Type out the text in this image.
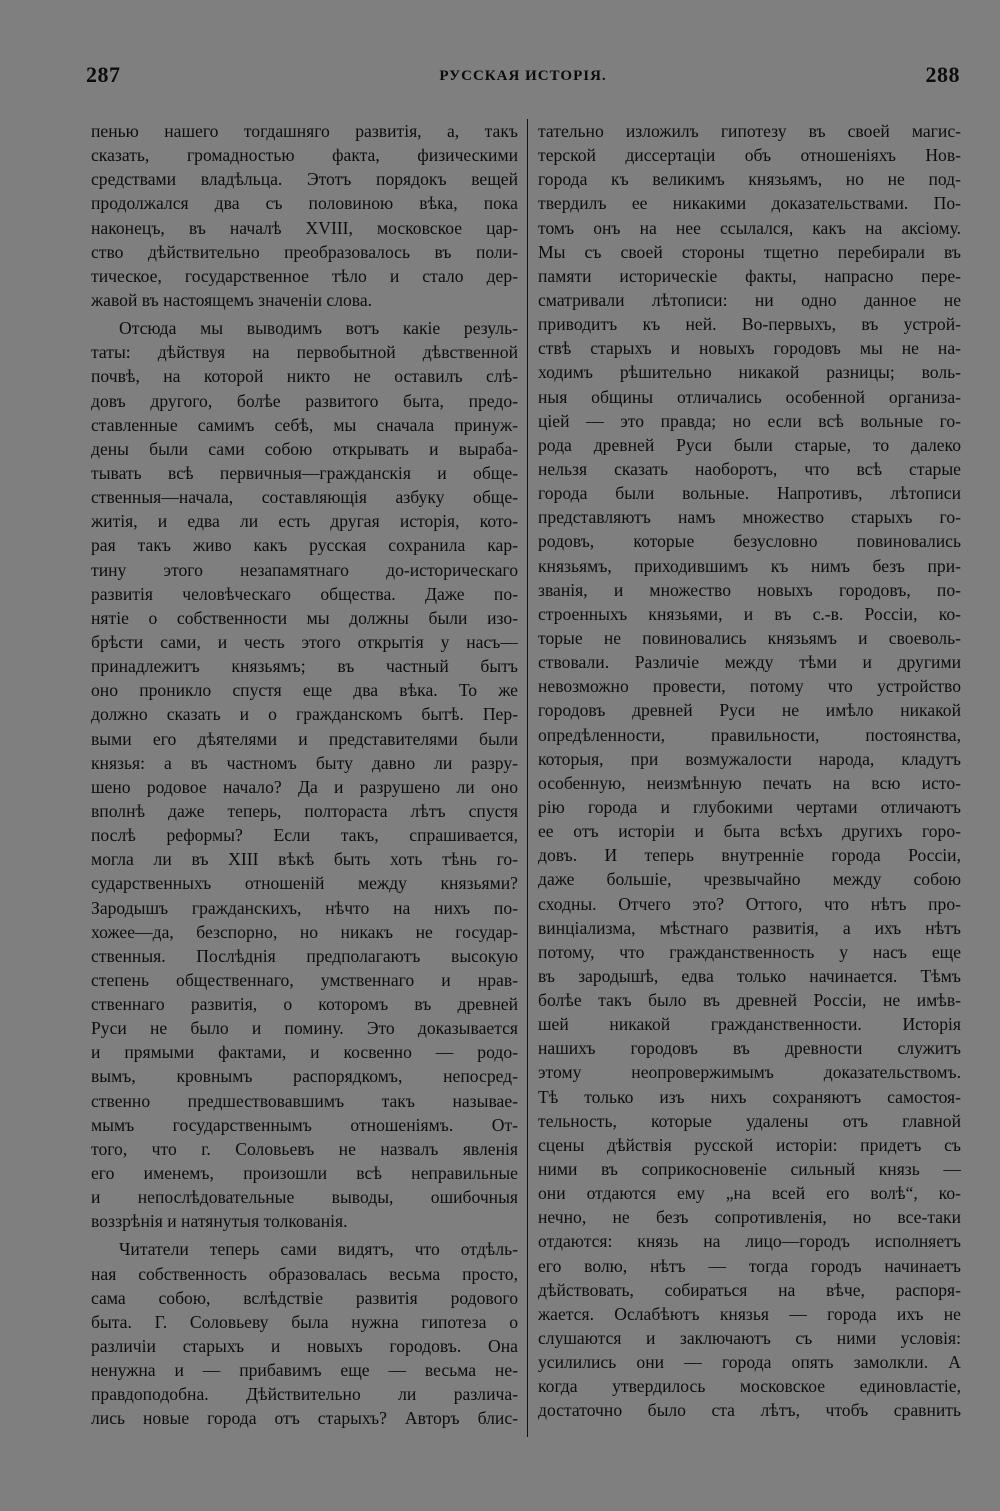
287	РУССКАЯ ИСТОРІЯ.	288
пенью нашего тогдашняго развитія, а, такъ
сказать, громадностью факта, физическими
средствами владѣльца. Этотъ порядокъ вещей
продолжался два съ половиною вѣка, пока
наконецъ, въ началѣ XVIII, московское цар-
ство дѣйствительно преобразовалось въ поли-
тическое, государственное тѣло и стало дер-
жавой въ настоящемъ значеніи слова.
Отсюда мы выводимъ вотъ какіе резуль-
таты: дѣйствуя на первобытной дѣвственной
почвѣ, на которой никто не оставилъ слѣ-
довъ другого, болѣе развитого быта, предо-
ставленные самимъ себѣ, мы сначала принуж-
дены были сами собою открывать и выраба-
тывать всѣ первичныя—гражданскія и обще-
ственныя—начала, составляющія азбуку обще-
житія, и едва ли есть другая исторія, кото-
рая такъ живо какъ русская сохранила кар-
тину этого незапамятнаго до-историческаго
развитія человѣческаго общества. Даже по-
нятіе о собственности мы должны были изо-
брѣсти сами, и честь этого открытія у насъ—
принадлежитъ князьямъ; въ частный бытъ
оно проникло спустя еще два вѣка. То же
должно сказать и о гражданскомъ бытѣ. Пер-
выми его дѣятелями и представителями были
князья: а въ частномъ быту давно ли разру-
шено родовое начало? Да и разрушено ли оно
вполнѣ даже теперь, полтораста лѣтъ спустя
послѣ реформы? Если такъ, спрашивается,
могла ли въ XIII вѣкѣ быть хоть тѣнь го-
сударственныхъ отношеній между князьями?
Зародышъ гражданскихъ, нѣчто на нихъ по-
хожее—да, безспорно, но никакъ не государ-
ственныя. Послѣднія предполагаютъ высокую
степень общественнаго, умственнаго и нрав-
ственнаго развитія, о которомъ въ древней
Руси не было и помину. Это доказывается
и прямыми фактами, и косвенно — родо-
вымъ, кровнымъ распорядкомъ, непосред-
ственно предшествовавшимъ такъ называе-
мымъ государственнымъ отношеніямъ. От-
того, что г. Соловьевъ не назвалъ явленія
его именемъ, произошли всѣ неправильные
и непослѣдовательные выводы, ошибочныя
воззрѣнія и натянутыя толкованія.
Читатели теперь сами видятъ, что отдѣль-
ная собственность образовалась весьма просто,
сама собою, вслѣдствіе развитія родового
быта. Г. Соловьеву была нужна гипотеза о
различіи старыхъ и новыхъ городовъ. Она
ненужна и — прибавимъ еще — весьма не-
правдоподобна. Дѣйствительно ли различа-
лись новые города отъ старыхъ? Авторъ блис-
тательно изложилъ гипотезу въ своей магис-
терской диссертаціи объ отношеніяхъ Нов-
города къ великимъ князьямъ, но не под-
твердилъ ее никакими доказательствами. По-
томъ онъ на нее ссылался, какъ на аксіому.
Мы съ своей стороны тщетно перебирали въ
памяти историческіе факты, напрасно пере-
сматривали лѣтописи: ни одно данное не
приводитъ къ ней. Во-первыхъ, въ устрой-
ствѣ старыхъ и новыхъ городовъ мы не на-
ходимъ рѣшительно никакой разницы; воль-
ныя общины отличались особенной организа-
ціей — это правда; но если всѣ вольные го-
рода древней Руси были старые, то далеко
нельзя сказать наоборотъ, что всѣ старые
города были вольные. Напротивъ, лѣтописи
представляютъ намъ множество старыхъ го-
родовъ, которые безусловно повиновались
князьямъ, приходившимъ къ нимъ безъ при-
званія, и множество новыхъ городовъ, по-
строенныхъ князьями, и въ с.-в. Россіи, ко-
торые не повиновались князьямъ и своеволь-
ствовали. Различіе между тѣми и другими
невозможно провести, потому что устройство
городовъ древней Руси не имѣло никакой
опредѣленности, правильности, постоянства,
которыя, при возмужалости народа, кладутъ
особенную, неизмѣнную печать на всю исто-
рію города и глубокими чертами отличаютъ
ее отъ исторіи и быта всѣхъ другихъ горо-
довъ. И теперь внутренніе города Россіи,
даже большіе, чрезвычайно между собою
сходны. Отчего это? Оттого, что нѣтъ про-
винціализма, мѣстнаго развитія, а ихъ нѣтъ
потому, что гражданственность у насъ еще
въ зародышѣ, едва только начинается. Тѣмъ
болѣе такъ было въ древней Россіи, не имѣв-
шей никакой гражданственности. Исторія
нашихъ городовъ въ древности служитъ
этому неопровержимымъ доказательствомъ.
Тѣ только изъ нихъ сохраняютъ самостоя-
тельность, которые удалены отъ главной
сцены дѣйствія русской исторіи: придетъ съ
ними въ соприкосновеніе сильный князь —
они отдаются ему „на всей его волѣ“, ко-
нечно, не безъ сопротивленія, но все-таки
отдаются: князь на лицо—городъ исполняетъ
его волю, нѣтъ — тогда городъ начинаетъ
дѣйствовать, собираться на вѣче, распоря-
жается. Ослабѣютъ князья — города ихъ не
слушаются и заключаютъ съ ними условія:
усилились они — города опять замолкли. А
когда утвердилось московское единовластіе,
достаточно было ста лѣтъ, чтобъ сравнить
